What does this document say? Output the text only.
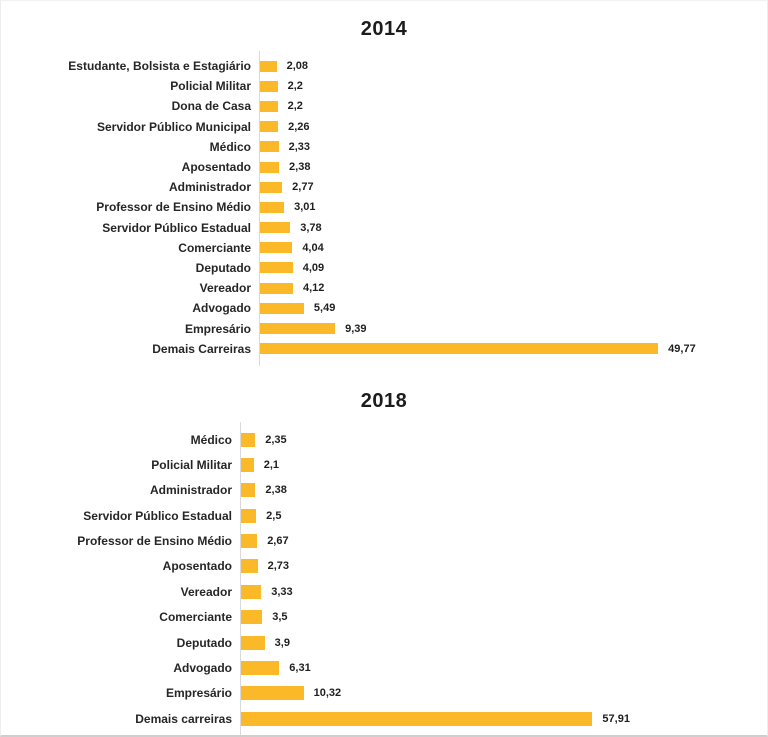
2014
Estudante, Bolsista e Estagiário	2,08
Policial Militar	2,2
Dona de Casa	2,2
Servidor Público Municipal	2,26
Médico	2,33
Aposentado	2,38
Administrador	2,77
Professor de Ensino Médio	3,01
Servidor Público Estadual	3,78
Comerciante	4,04
Deputado	4,09
Vereador	4,12
Advogado	5,49
Empresário	9,39
Demais Carreiras	49,77
2018
Médico	2,35
Policial Militar	2,1
Administrador	2,38
Servidor Público Estadual	2,5
Professor de Ensino Médio	2,67
Aposentado	2,73
Vereador	3,33
Comerciante	3,5
Deputado	3,9
Advogado	6,31
Empresário	10,32
Demais carreiras	57,91
